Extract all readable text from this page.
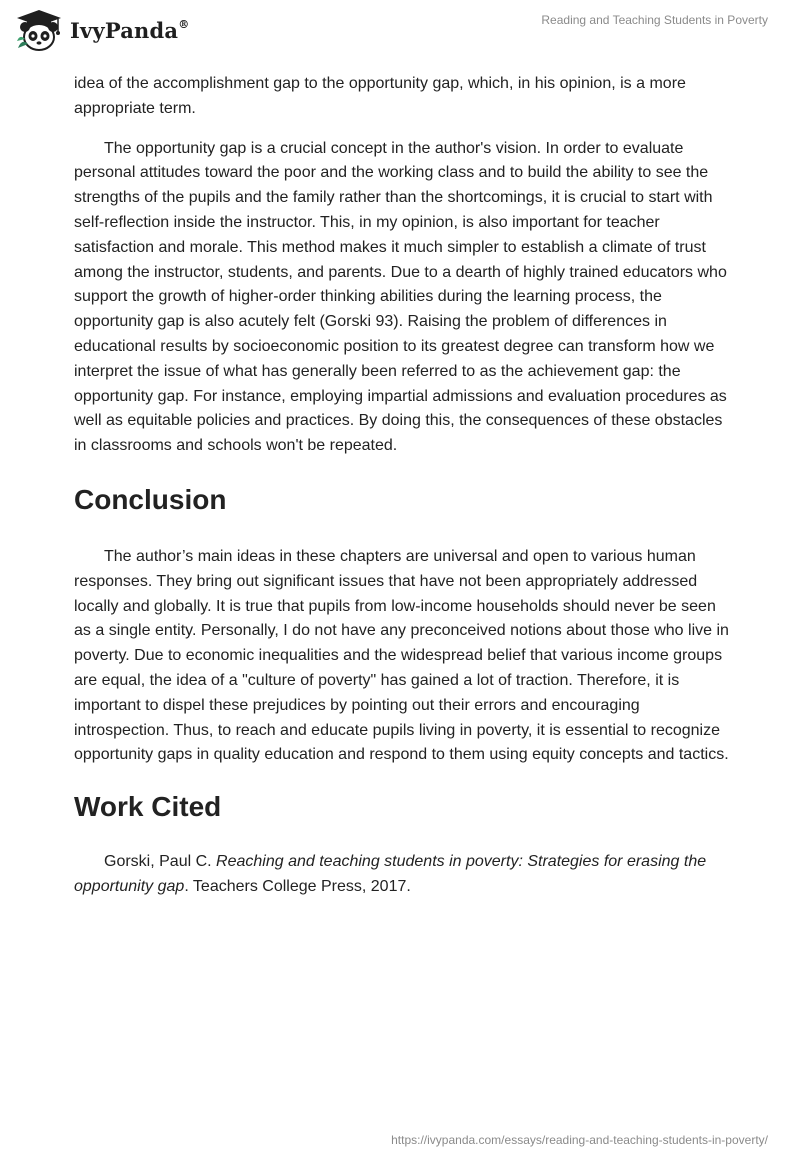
IvyPanda®	Reading and Teaching Students in Poverty

idea of the accomplishment gap to the opportunity gap, which, in his opinion, is a more appropriate term.

The opportunity gap is a crucial concept in the author's vision. In order to evaluate personal attitudes toward the poor and the working class and to build the ability to see the strengths of the pupils and the family rather than the shortcomings, it is crucial to start with self-reflection inside the instructor. This, in my opinion, is also important for teacher satisfaction and morale. This method makes it much simpler to establish a climate of trust among the instructor, students, and parents. Due to a dearth of highly trained educators who support the growth of higher-order thinking abilities during the learning process, the opportunity gap is also acutely felt (Gorski 93). Raising the problem of differences in educational results by socioeconomic position to its greatest degree can transform how we interpret the issue of what has generally been referred to as the achievement gap: the opportunity gap. For instance, employing impartial admissions and evaluation procedures as well as equitable policies and practices. By doing this, the consequences of these obstacles in classrooms and schools won't be repeated.

Conclusion

The author’s main ideas in these chapters are universal and open to various human responses. They bring out significant issues that have not been appropriately addressed locally and globally. It is true that pupils from low-income households should never be seen as a single entity. Personally, I do not have any preconceived notions about those who live in poverty. Due to economic inequalities and the widespread belief that various income groups are equal, the idea of a "culture of poverty" has gained a lot of traction. Therefore, it is important to dispel these prejudices by pointing out their errors and encouraging introspection. Thus, to reach and educate pupils living in poverty, it is essential to recognize opportunity gaps in quality education and respond to them using equity concepts and tactics.

Work Cited

Gorski, Paul C. Reaching and teaching students in poverty: Strategies for erasing the opportunity gap. Teachers College Press, 2017.

https://ivypanda.com/essays/reading-and-teaching-students-in-poverty/
